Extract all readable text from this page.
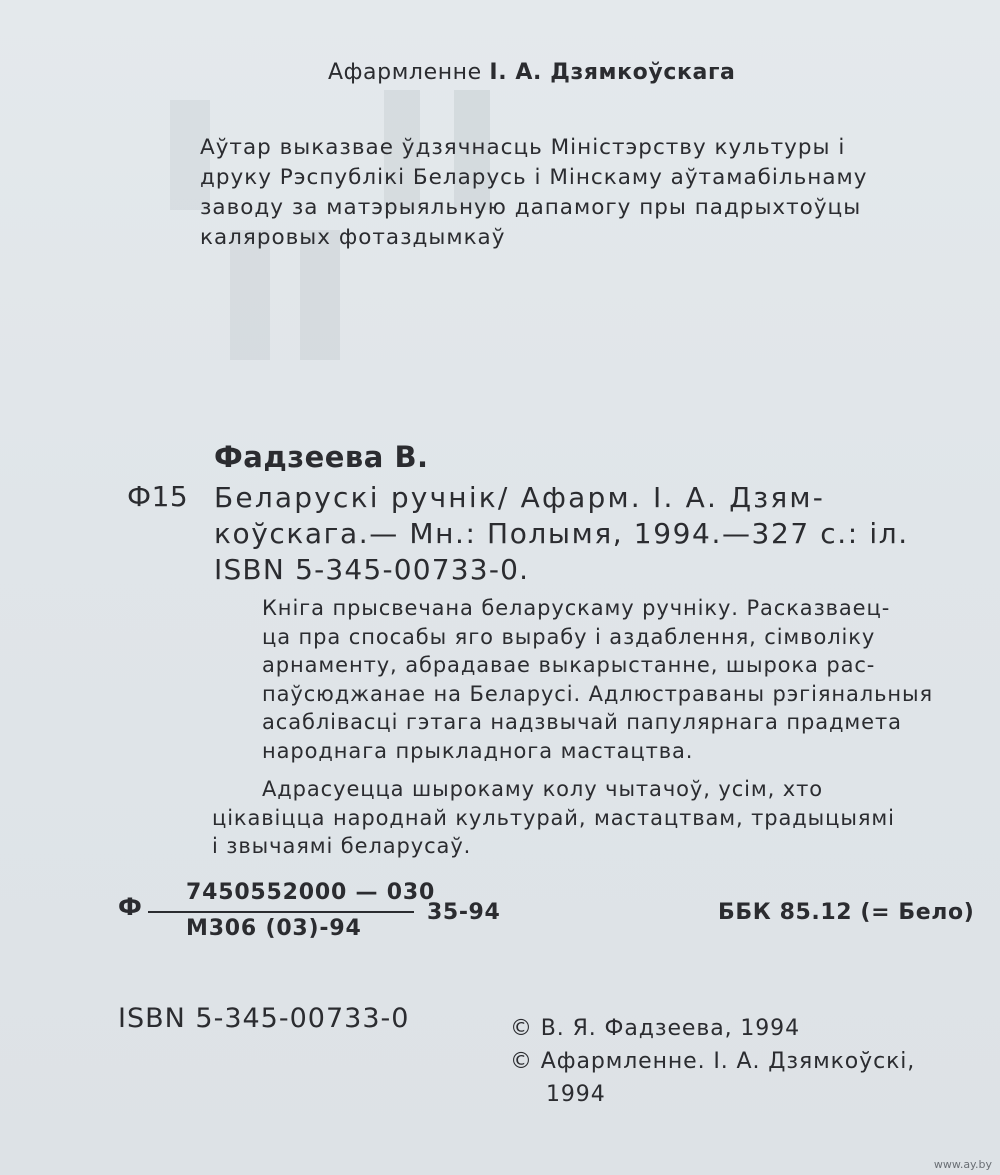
Афармленне І. А. Дзямкоўскага
Аўтар выказвае ўдзячнасць Міністэрству культуры і
друку Рэспублікі Беларусь і Мінскаму аўтамабільнаму
заводу за матэрыяльную дапамогу пры падрыхтоўцы
каляровых фотаздымкаў
Фадзеева В.
Ф15 Беларускі ручнік/ Афарм. І. А. Дзям-
коўскага.— Мн.: Полымя, 1994.—327 с.: іл.
ISBN 5-345-00733-0.
Кніга прысвечана беларускаму ручніку. Расказваец-
ца пра спосабы яго вырабу і аздаблення, сімволіку
арнаменту, абрадавае выкарыстанне, шырока рас-
паўсюджанае на Беларусі. Адлюстраваны рэгіянальныя
асаблівасці гэтага надзвычай папулярнага прадмета
народнага прыкладнога мастацтва.
Адрасуецца шырокаму колу чытачоў, усім, хто
цікавіцца народнай культурай, мастацтвам, традыцыямі
і звычаямі беларусаў.
Ф
7450552000 — 030
М306 (03)-94
35-94	ББК 85.12 (= Бело)
ISBN 5-345-00733-0	© В. Я. Фадзеева, 1994
© Афармленне. І. А. Дзямкоўскі,
1994
www.ay.by
